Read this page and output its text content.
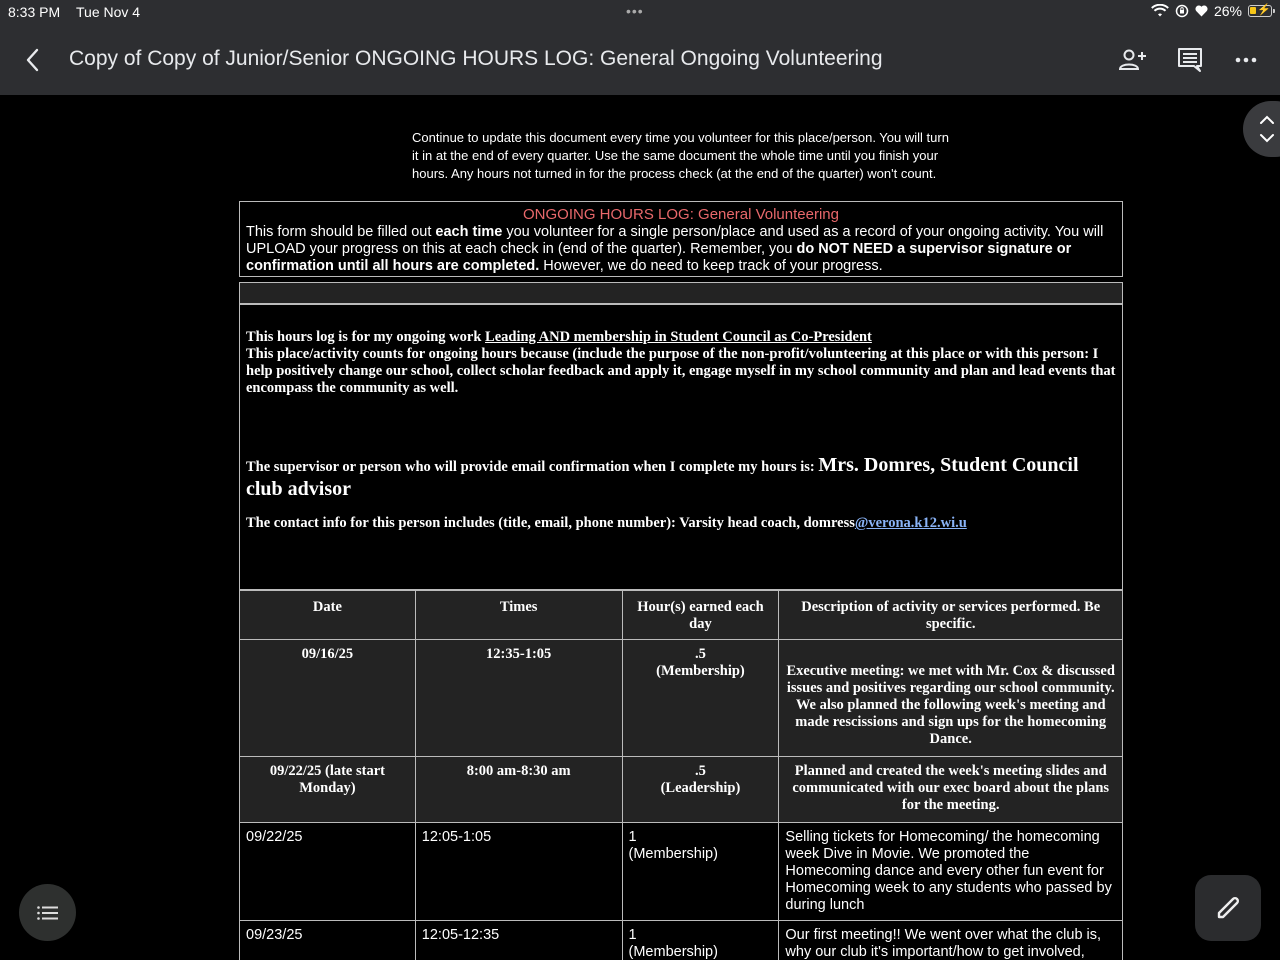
8:33 PM Tue Nov 4	•••	26% ⚡
Copy of Copy of Junior/Senior ONGOING HOURS LOG: General Ongoing Volunteering
Continue to update this document every time you volunteer for this place/person. You will turn it in at the end of every quarter. Use the same document the whole time until you finish your hours. Any hours not turned in for the process check (at the end of the quarter) won't count.
ONGOING HOURS LOG: General Volunteering
This form should be filled out each time you volunteer for a single person/place and used as a record of your ongoing activity. You will UPLOAD your progress on this at each check in (end of the quarter). Remember, you do NOT NEED a supervisor signature or confirmation until all hours are completed. However, we do need to keep track of your progress.

This hours log is for my ongoing work Leading AND membership in Student Council as Co-President

This place/activity counts for ongoing hours because (include the purpose of the non-profit/volunteering at this place or with this person: I help positively change our school, collect scholar feedback and apply it, engage myself in my school community and plan and lead events that encompass the community as well.

The supervisor or person who will provide email confirmation when I complete my hours is: Mrs. Domres, Student Council club advisor

The contact info for this person includes (title, email, phone number): Varsity head coach, domress@verona.k12.wi.u

Date	Times	Hour(s) earned each day	Description of activity or services performed. Be specific.
09/16/25	12:35-1:05	.5
(Membership)	Executive meeting: we met with Mr. Cox & discussed issues and positives regarding our school community. We also planned the following week's meeting and made rescissions and sign ups for the homecoming Dance.
09/22/25 (late start Monday)	8:00 am-8:30 am	.5
(Leadership)	Planned and created the week's meeting slides and communicated with our exec board about the plans for the meeting.
09/22/25	12:05-1:05	1
(Membership)	Selling tickets for Homecoming/ the homecoming week Dive in Movie. We promoted the Homecoming dance and every other fun event for Homecoming week to any students who passed by during lunch
09/23/25	12:05-12:35	1
(Membership)	Our first meeting!! We went over what the club is, why our club it's important/how to get involved,
